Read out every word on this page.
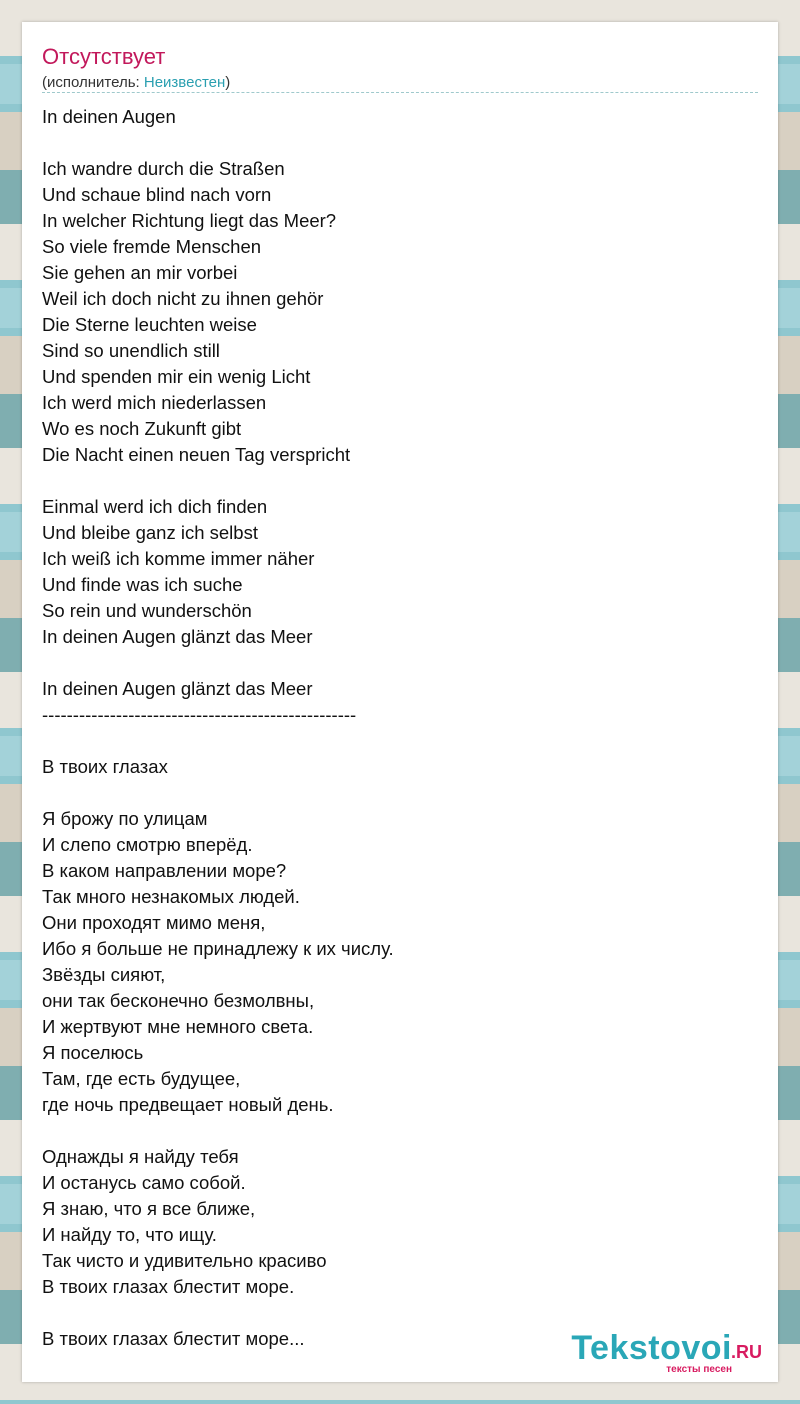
Отсутствует
(исполнитель: Неизвестен)
In deinen Augen
Ich wandre durch die Straßen
Und schaue blind nach vorn
In welcher Richtung liegt das Meer?
So viele fremde Menschen
Sie gehen an mir vorbei
Weil ich doch nicht zu ihnen gehör
Die Sterne leuchten weise
Sind so unendlich still
Und spenden mir ein wenig Licht
Ich werd mich niederlassen
Wo es noch Zukunft gibt
Die Nacht einen neuen Tag verspricht
Einmal werd ich dich finden
Und bleibe ganz ich selbst
Ich weiß ich komme immer näher
Und finde was ich suche
So rein und wunderschön
In deinen Augen glänzt das Meer
In deinen Augen glänzt das Meer
---------------------------------------------------
В твоих глазах
Я брожу по улицам
И слепо смотрю вперёд.
В каком направлении море?
Так много незнакомых людей.
Они проходят мимо меня,
Ибо я больше не принадлежу к их числу.
Звёзды сияют,
они так бесконечно безмолвны,
И жертвуют мне немного света.
Я поселюсь
Там, где есть будущее,
где ночь предвещает новый день.
Однажды я найду тебя
И останусь само собой.
Я знаю, что я все ближе,
И найду то, что ищу.
Так чисто и удивительно красиво
В твоих глазах блестит море.
В твоих глазах блестит море...	Tekstovoi .RU
тексты песен
